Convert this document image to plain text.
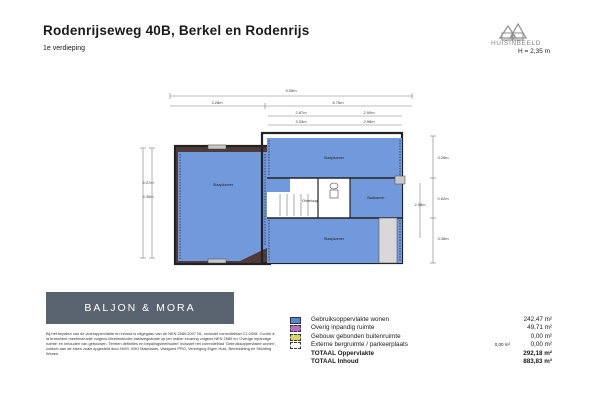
Rodenrijseweg 40B, Berkel en Rodenrijs
1e verdieping
HUISINBEELD
H = 2,35 m
9.55m
3.28m	6.76m
2.87m	2.90m
3.33m	2.98m
6.07m
4.39m
3.28m
2.38m
0.62m
3.38m
Slaapkamer
Slaapkamer
Slaapkamer
Badkamer
Overloop
BALJON & MORA
Bij het bepalen van de vloeroppervlakte en inhoud is uitgegaan van de NEN 2580:2007 NL, inclusief correctieblad C1:2008. Contre à la branchent meetinstructie volgens Meetinstructie basisregistratie op per mailer ervaring volgens NEN 2580 en 'Overige inpandige ruimte' en inhouden van gebouwen. Termen definities en bepalingsmethoden' inclusief het correctieblad 'Gebruiksoppervlakte wonen', voldoet aan de eisen zoals opgesteld door NVM, VBO Makelaars, Vastgoed PRO, Vereniging Eigen Huis, Bemiddeling en Stichting Wonen.
Gebruiksoppervlakte wonen	242,47 m²
Overig inpandig ruimte	49,71 m²
Gebouw gebonden buitenruimte	0,00 m²
Externe bergruimte / parkeerplaats	0,00 m²	0,00 m²
TOTAAL Oppervlakte	292,18 m²
TOTAAL Inhoud	883,83 m³
